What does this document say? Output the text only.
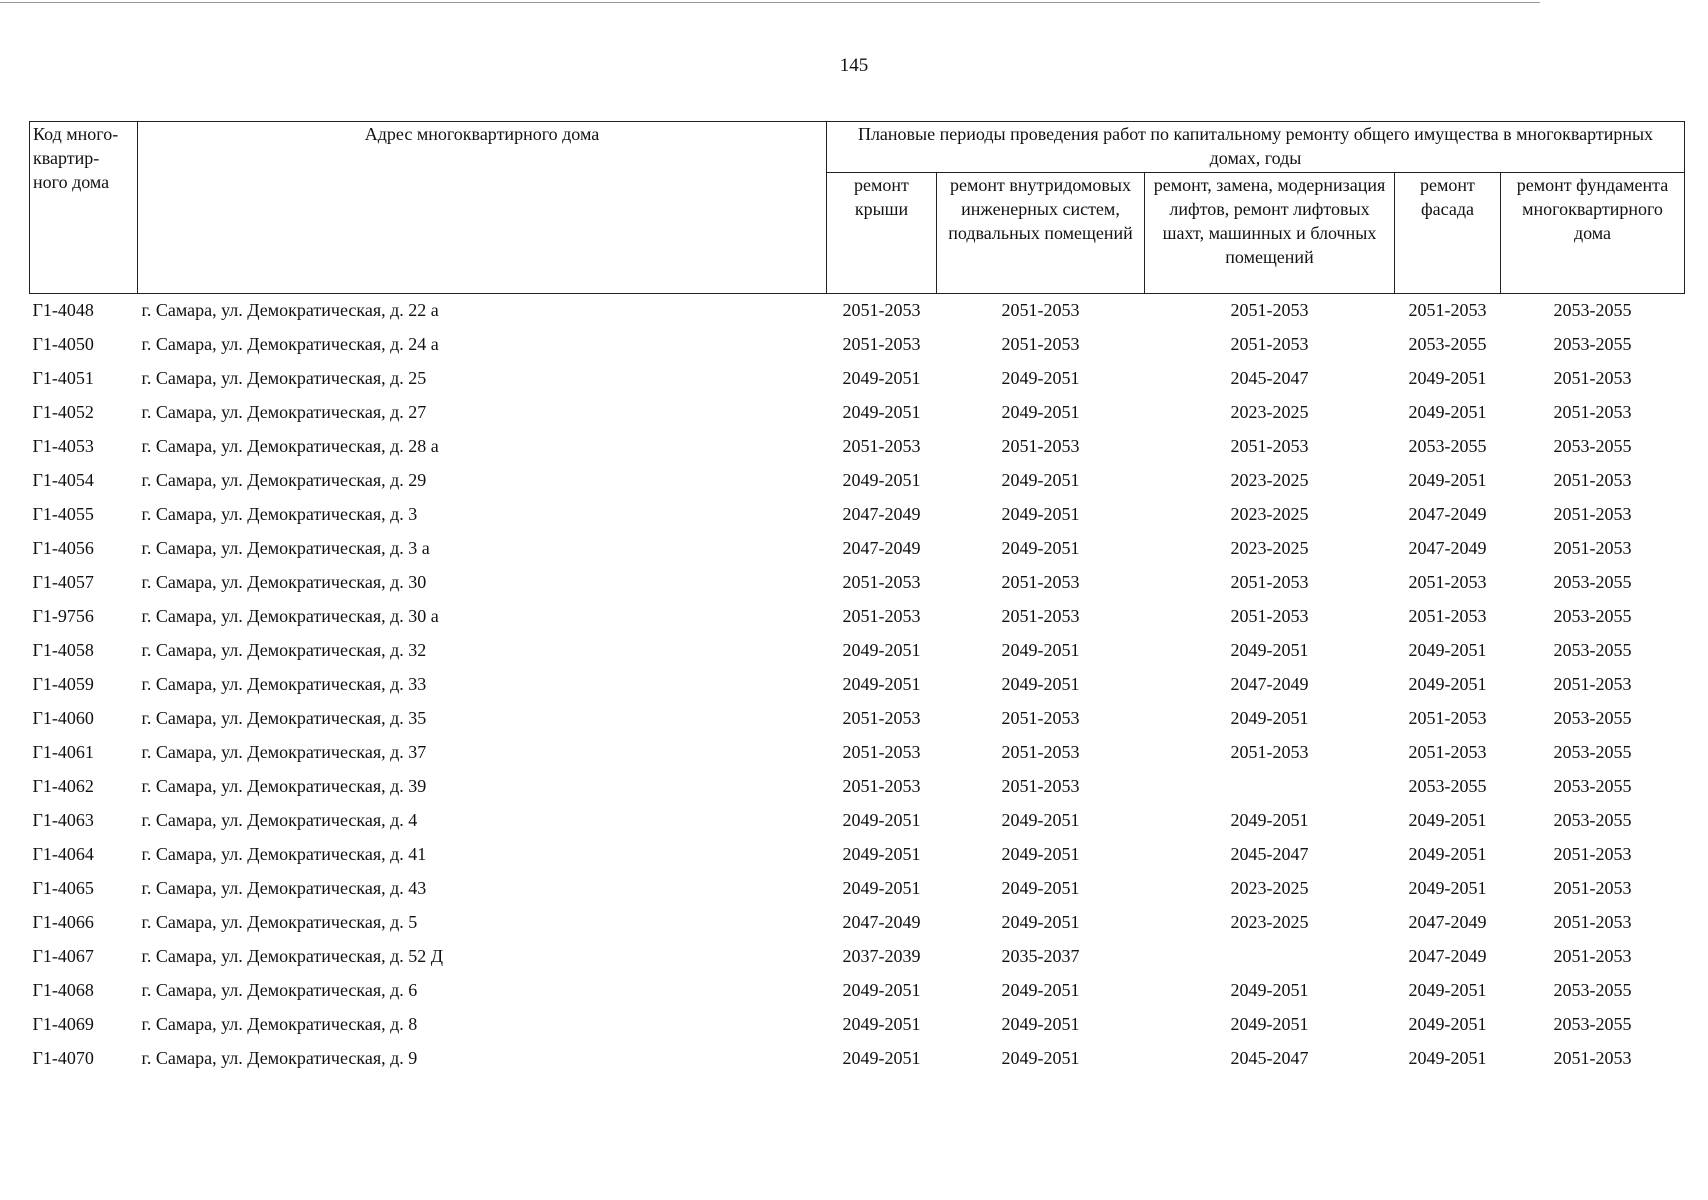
145
Код много-квартир-ного дома	Адрес многоквартирного дома	Плановые периоды проведения работ по капитальному ремонту общего имущества в многоквартирных домах, годы				
		ремонт крыши	ремонт внутридомовых инженерных систем, подвальных помещений	ремонт, замена, модернизация лифтов, ремонт лифтовых шахт, машинных и блочных помещений	ремонт фасада	ремонт фундамента многоквартирного дома
Г1-4048	г. Самара, ул. Демократическая, д. 22 а	2051-2053	2051-2053	2051-2053	2051-2053	2053-2055
Г1-4050	г. Самара, ул. Демократическая, д. 24 а	2051-2053	2051-2053	2051-2053	2053-2055	2053-2055
Г1-4051	г. Самара, ул. Демократическая, д. 25	2049-2051	2049-2051	2045-2047	2049-2051	2051-2053
Г1-4052	г. Самара, ул. Демократическая, д. 27	2049-2051	2049-2051	2023-2025	2049-2051	2051-2053
Г1-4053	г. Самара, ул. Демократическая, д. 28 а	2051-2053	2051-2053	2051-2053	2053-2055	2053-2055
Г1-4054	г. Самара, ул. Демократическая, д. 29	2049-2051	2049-2051	2023-2025	2049-2051	2051-2053
Г1-4055	г. Самара, ул. Демократическая, д. 3	2047-2049	2049-2051	2023-2025	2047-2049	2051-2053
Г1-4056	г. Самара, ул. Демократическая, д. 3 а	2047-2049	2049-2051	2023-2025	2047-2049	2051-2053
Г1-4057	г. Самара, ул. Демократическая, д. 30	2051-2053	2051-2053	2051-2053	2051-2053	2053-2055
Г1-9756	г. Самара, ул. Демократическая, д. 30 а	2051-2053	2051-2053	2051-2053	2051-2053	2053-2055
Г1-4058	г. Самара, ул. Демократическая, д. 32	2049-2051	2049-2051	2049-2051	2049-2051	2053-2055
Г1-4059	г. Самара, ул. Демократическая, д. 33	2049-2051	2049-2051	2047-2049	2049-2051	2051-2053
Г1-4060	г. Самара, ул. Демократическая, д. 35	2051-2053	2051-2053	2049-2051	2051-2053	2053-2055
Г1-4061	г. Самара, ул. Демократическая, д. 37	2051-2053	2051-2053	2051-2053	2051-2053	2053-2055
Г1-4062	г. Самара, ул. Демократическая, д. 39	2051-2053	2051-2053		2053-2055	2053-2055
Г1-4063	г. Самара, ул. Демократическая, д. 4	2049-2051	2049-2051	2049-2051	2049-2051	2053-2055
Г1-4064	г. Самара, ул. Демократическая, д. 41	2049-2051	2049-2051	2045-2047	2049-2051	2051-2053
Г1-4065	г. Самара, ул. Демократическая, д. 43	2049-2051	2049-2051	2023-2025	2049-2051	2051-2053
Г1-4066	г. Самара, ул. Демократическая, д. 5	2047-2049	2049-2051	2023-2025	2047-2049	2051-2053
Г1-4067	г. Самара, ул. Демократическая, д. 52 Д	2037-2039	2035-2037		2047-2049	2051-2053
Г1-4068	г. Самара, ул. Демократическая, д. 6	2049-2051	2049-2051	2049-2051	2049-2051	2053-2055
Г1-4069	г. Самара, ул. Демократическая, д. 8	2049-2051	2049-2051	2049-2051	2049-2051	2053-2055
Г1-4070	г. Самара, ул. Демократическая, д. 9	2049-2051	2049-2051	2045-2047	2049-2051	2051-2053
